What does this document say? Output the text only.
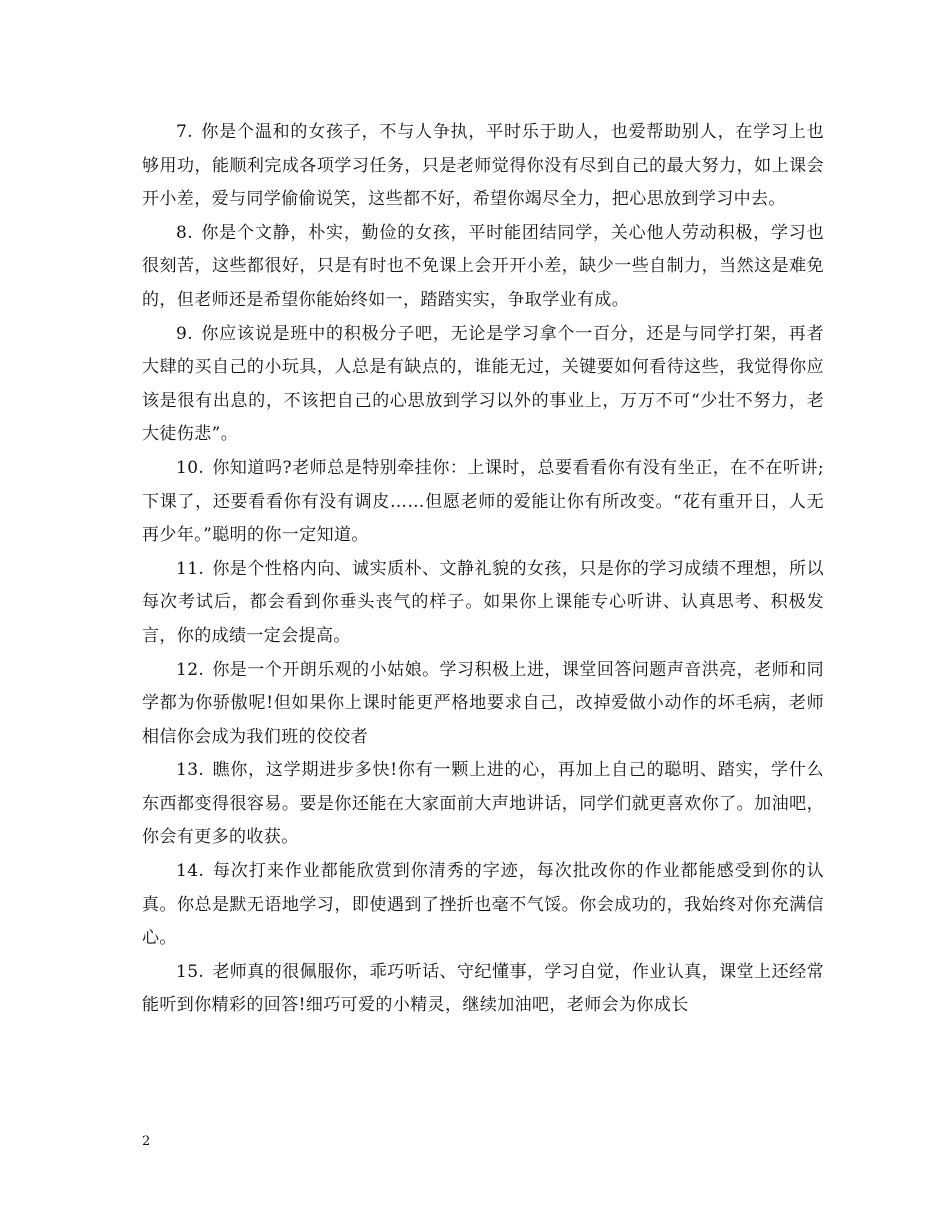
7. 你是个温和的女孩子，不与人争执，平时乐于助人，也爱帮助别人，在学习上也够用功，能顺利完成各项学习任务，只是老师觉得你没有尽到自己的最大努力，如上课会开小差，爱与同学偷偷说笑，这些都不好，希望你竭尽全力，把心思放到学习中去。

8. 你是个文静，朴实，勤俭的女孩，平时能团结同学，关心他人劳动积极，学习也很刻苦，这些都很好，只是有时也不免课上会开开小差，缺少一些自制力，当然这是难免的，但老师还是希望你能始终如一，踏踏实实，争取学业有成。

9. 你应该说是班中的积极分子吧，无论是学习拿个一百分，还是与同学打架，再者大肆的买自己的小玩具，人总是有缺点的，谁能无过，关键要如何看待这些，我觉得你应该是很有出息的，不该把自己的心思放到学习以外的事业上，万万不可“少壮不努力，老大徒伤悲”。

10. 你知道吗?老师总是特别牵挂你：上课时，总要看看你有没有坐正，在不在听讲;下课了，还要看看你有没有调皮……但愿老师的爱能让你有所改变。“花有重开日，人无再少年。”聪明的你一定知道。

11. 你是个性格内向、诚实质朴、文静礼貌的女孩，只是你的学习成绩不理想，所以每次考试后，都会看到你垂头丧气的样子。如果你上课能专心听讲、认真思考、积极发言，你的成绩一定会提高。

12. 你是一个开朗乐观的小姑娘。学习积极上进，课堂回答问题声音洪亮，老师和同学都为你骄傲呢!但如果你上课时能更严格地要求自己，改掉爱做小动作的坏毛病，老师相信你会成为我们班的佼佼者

13. 瞧你，这学期进步多快!你有一颗上进的心，再加上自己的聪明、踏实，学什么东西都变得很容易。要是你还能在大家面前大声地讲话，同学们就更喜欢你了。加油吧，你会有更多的收获。

14. 每次打来作业都能欣赏到你清秀的字迹，每次批改你的作业都能感受到你的认真。你总是默无语地学习，即使遇到了挫折也毫不气馁。你会成功的，我始终对你充满信心。

15. 老师真的很佩服你，乖巧听话、守纪懂事，学习自觉，作业认真，课堂上还经常能听到你精彩的回答!细巧可爱的小精灵，继续加油吧，老师会为你成长

2
